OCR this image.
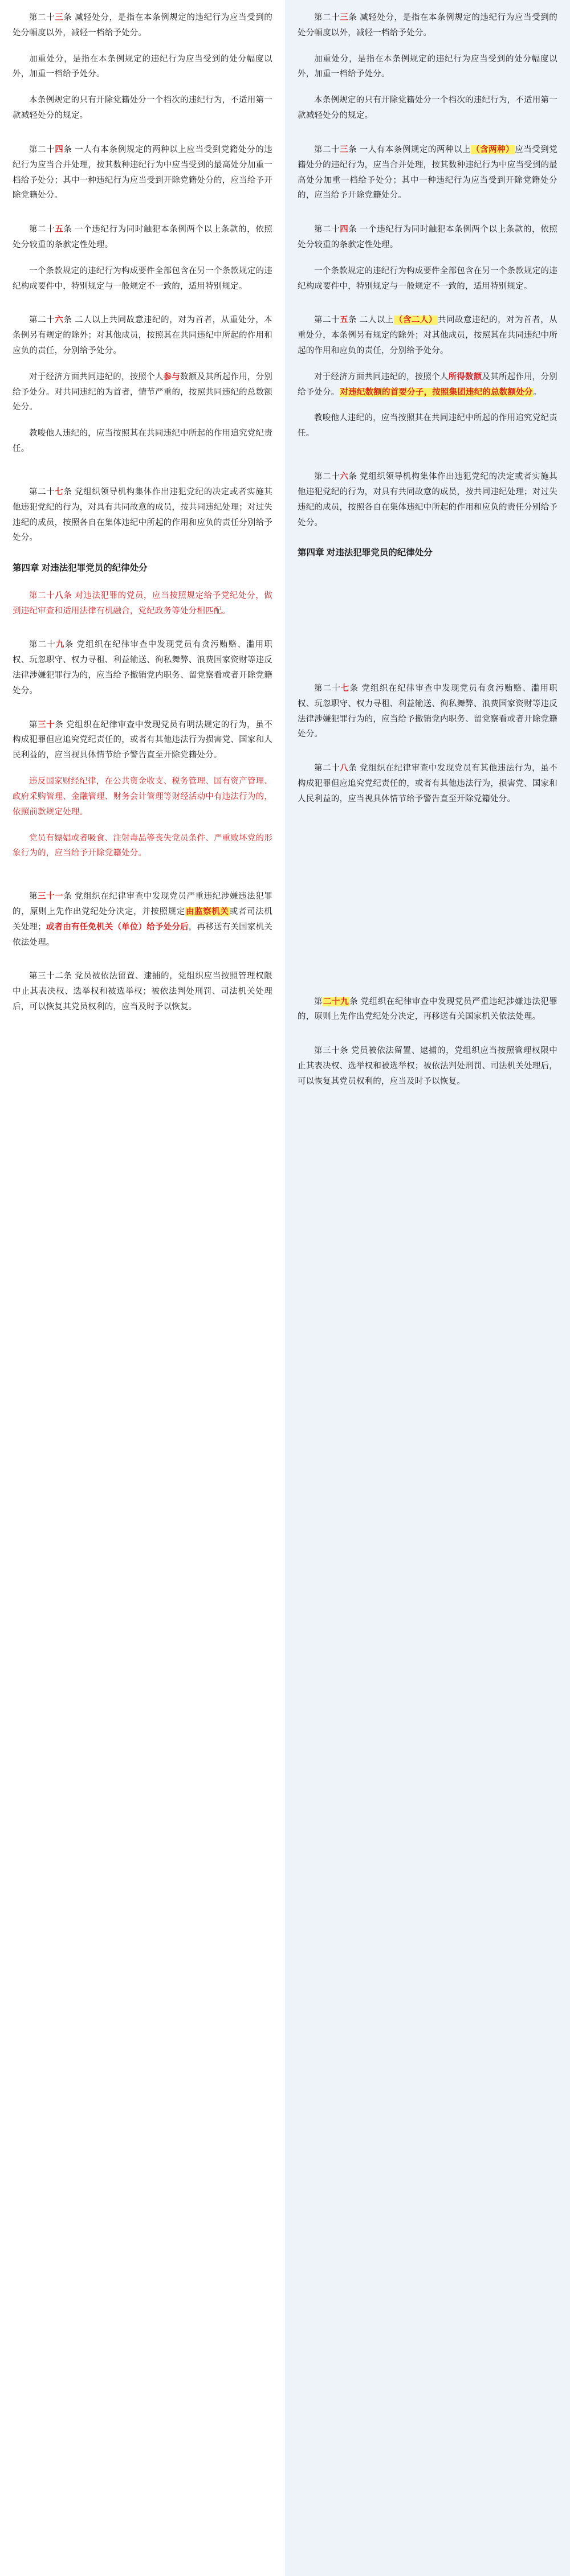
第二十三条 减轻处分，是指在本条例规定的违纪行为应当受到的处分幅度以外，减轻一档给予处分。
加重处分，是指在本条例规定的违纪行为应当受到的处分幅度以外，加重一档给予处分。
本条例规定的只有开除党籍处分一个档次的违纪行为，不适用第一款减轻处分的规定。
第二十四条 一人有本条例规定的两种以上应当受到党籍处分的违纪行为应当合并处理，按其数种违纪行为中应当受到的最高处分加重一档给予处分；其中一种违纪行为应当受到开除党籍处分的，应当给予开除党籍处分。
第二十五条 一个违纪行为同时触犯本条例两个以上条款的，依照处分较重的条款定性处理。
一个条款规定的违纪行为构成要件全部包含在另一个条款规定的违纪构成要件中，特别规定与一般规定不一致的，适用特别规定。
第二十六条 二人以上共同故意违纪的，对为首者，从重处分，本条例另有规定的除外；对其他成员，按照其在共同违纪中所起的作用和应负的责任，分别给予处分。
对于经济方面共同违纪的，按照个人参与数额及其所起作用，分别给予处分。对共同违纪的为首者，情节严重的，按照共同违纪的总数额处分。
教唆他人违纪的，应当按照其在共同违纪中所起的作用追究党纪责任。
第二十七条 党组织领导机构集体作出违犯党纪的决定或者实施其他违犯党纪的行为，对具有共同故意的成员，按共同违纪处理；对过失违纪的成员，按照各自在集体违纪中所起的作用和应负的责任分别给予处分。
第四章 对违法犯罪党员的纪律处分
第二十八条 对违法犯罪的党员，应当按照规定给予党纪处分，做到违纪审查和适用法律有机融合，党纪政务等处分相匹配。
第二十九条 党组织在纪律审查中发现党员有贪污贿赂、滥用职权、玩忽职守、权力寻租、利益输送、徇私舞弊、浪费国家资财等违反法律涉嫌犯罪行为的，应当给予撤销党内职务、留党察看或者开除党籍处分。
第三十条 党组织在纪律审查中发现党员有明法规定的行为，虽不构成犯罪但应追究党纪责任的，或者有其他违法行为损害党、国家和人民利益的，应当视具体情节给予警告直至开除党籍处分。
违反国家财经纪律，在公共资金收支、税务管理、国有资产管理、政府采购管理、金融管理、财务会计管理等财经活动中有违法行为的，依照前款规定处理。
党员有嫖娼或者吸食、注射毒品等丧失党员条件、严重败坏党的形象行为的，应当给予开除党籍处分。
第三十一条 党组织在纪律审查中发现党员严重违纪涉嫌违法犯罪的，原则上先作出党纪处分决定，并按照规定由监察机关或者司法机关处理；或者由有任免机关（单位）给予处分后，再移送有关国家机关依法处理。
第三十二条 党员被依法留置、逮捕的，党组织应当按照管理权限中止其表决权、选举权和被选举权；被依法判处刑罚、司法机关处理后，可以恢复其党员权利的，应当及时予以恢复。
第二十三条 减轻处分，是指在本条例规定的违纪行为应当受到的处分幅度以外，减轻一档给予处分。
加重处分，是指在本条例规定的违纪行为应当受到的处分幅度以外，加重一档给予处分。
本条例规定的只有开除党籍处分一个档次的违纪行为，不适用第一款减轻处分的规定。
第二十三条 一人有本条例规定的两种以上（含两种）应当受到党籍处分的违纪行为，应当合并处理，按其数种违纪行为中应当受到的最高处分加重一档给予处分；其中一种违纪行为应当受到开除党籍处分的，应当给予开除党籍处分。
第二十四条 一个违纪行为同时触犯本条例两个以上条款的，依照处分较重的条款定性处理。
一个条款规定的违纪行为构成要件全部包含在另一个条款规定的违纪构成要件中，特别规定与一般规定不一致的，适用特别规定。
第二十五条 二人以上（含二人）共同故意违纪的，对为首者，从重处分，本条例另有规定的除外；对其他成员，按照其在共同违纪中所起的作用和应负的责任，分别给予处分。
对于经济方面共同违纪的，按照个人所得数额及其所起作用，分别给予处分。对违纪数额的首要分子，按照集团违纪的总数额处分。
教唆他人违纪的，应当按照其在共同违纪中所起的作用追究党纪责任。
第二十六条 党组织领导机构集体作出违犯党纪的决定或者实施其他违犯党纪的行为，对具有共同故意的成员，按共同违纪处理；对过失违纪的成员，按照各自在集体违纪中所起的作用和应负的责任分别给予处分。
第四章 对违法犯罪党员的纪律处分
第二十七条 党组织在纪律审查中发现党员有贪污贿赂、滥用职权、玩忽职守、权力寻租、利益输送、徇私舞弊、浪费国家资财等违反法律涉嫌犯罪行为的，应当给予撤销党内职务、留党察看或者开除党籍处分。
第二十八条 党组织在纪律审查中发现党员有其他违法行为，虽不构成犯罪但应追究党纪责任的，或者有其他违法行为，损害党、国家和人民利益的，应当视具体情节给予警告直至开除党籍处分。
第二十九条 党组织在纪律审查中发现党员严重违纪涉嫌违法犯罪的，原则上先作出党纪处分决定，再移送有关国家机关依法处理。
第三十条 党员被依法留置、逮捕的，党组织应当按照管理权限中止其表决权、选举权和被选举权；被依法判处刑罚、司法机关处理后，可以恢复其党员权利的，应当及时予以恢复。
